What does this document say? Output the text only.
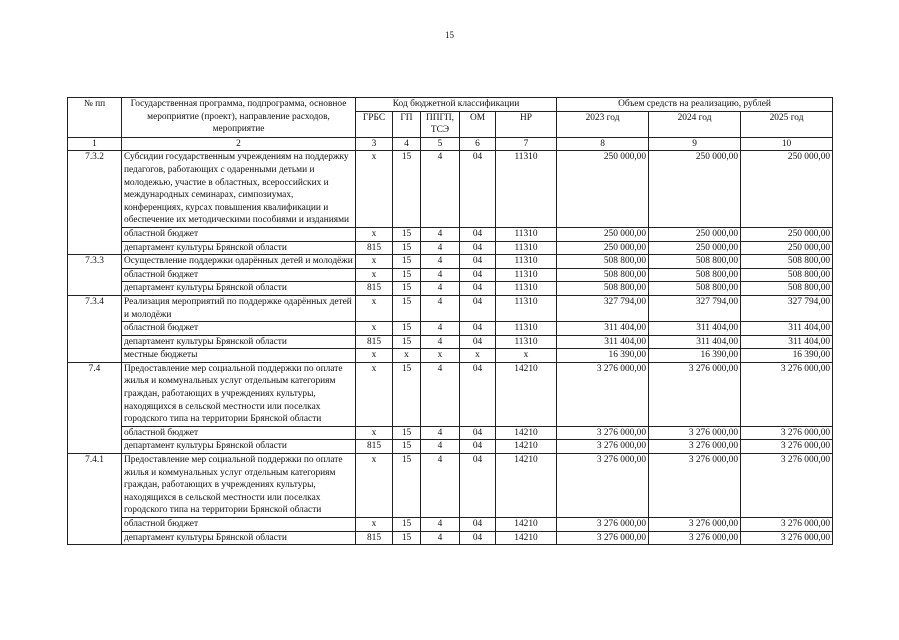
15
№ пп	Государственная программа, подпрограмма, основное мероприятие (проект), направление расходов, мероприятие	Код бюджетной классификации					Объем средств на реализацию, рублей		
		ГРБС	ГП	ППГП, ТСЭ	ОМ	НР	2023 год	2024 год	2025 год
1	2	3	4	5	6	7	8	9	10
7.3.2	Субсидии государственным учреждениям на поддержку педагогов, работающих с одаренными детьми и молодежью, участие в областных, всероссийских и международных семинарах, симпозиумах, конференциях, курсах повышения квалификации и обеспечение их методическими пособиями и изданиями	х	15	4	04	11310	250 000,00	250 000,00	250 000,00
	областной бюджет	х	15	4	04	11310	250 000,00	250 000,00	250 000,00
	департамент культуры Брянской области	815	15	4	04	11310	250 000,00	250 000,00	250 000,00
7.3.3	Осуществление поддержки одарённых детей и молодёжи	х	15	4	04	11310	508 800,00	508 800,00	508 800,00
	областной бюджет	х	15	4	04	11310	508 800,00	508 800,00	508 800,00
	департамент культуры Брянской области	815	15	4	04	11310	508 800,00	508 800,00	508 800,00
7.3.4	Реализация мероприятий по поддержке одарённых детей и молодёжи	х	15	4	04	11310	327 794,00	327 794,00	327 794,00
	областной бюджет	х	15	4	04	11310	311 404,00	311 404,00	311 404,00
	департамент культуры Брянской области	815	15	4	04	11310	311 404,00	311 404,00	311 404,00
	местные бюджеты	х	х	х	х	х	16 390,00	16 390,00	16 390,00
7.4	Предоставление мер социальной поддержки по оплате жилья и коммунальных услуг отдельным категориям граждан, работающих в учреждениях культуры, находящихся в сельской местности или поселках городского типа на территории Брянской области	х	15	4	04	14210	3 276 000,00	3 276 000,00	3 276 000,00
	областной бюджет	х	15	4	04	14210	3 276 000,00	3 276 000,00	3 276 000,00
	департамент культуры Брянской области	815	15	4	04	14210	3 276 000,00	3 276 000,00	3 276 000,00
7.4.1	Предоставление мер социальной поддержки по оплате жилья и коммунальных услуг отдельным категориям граждан, работающих в учреждениях культуры, находящихся в сельской местности или поселках городского типа на территории Брянской области	х	15	4	04	14210	3 276 000,00	3 276 000,00	3 276 000,00
	областной бюджет	х	15	4	04	14210	3 276 000,00	3 276 000,00	3 276 000,00
	департамент культуры Брянской области	815	15	4	04	14210	3 276 000,00	3 276 000,00	3 276 000,00
